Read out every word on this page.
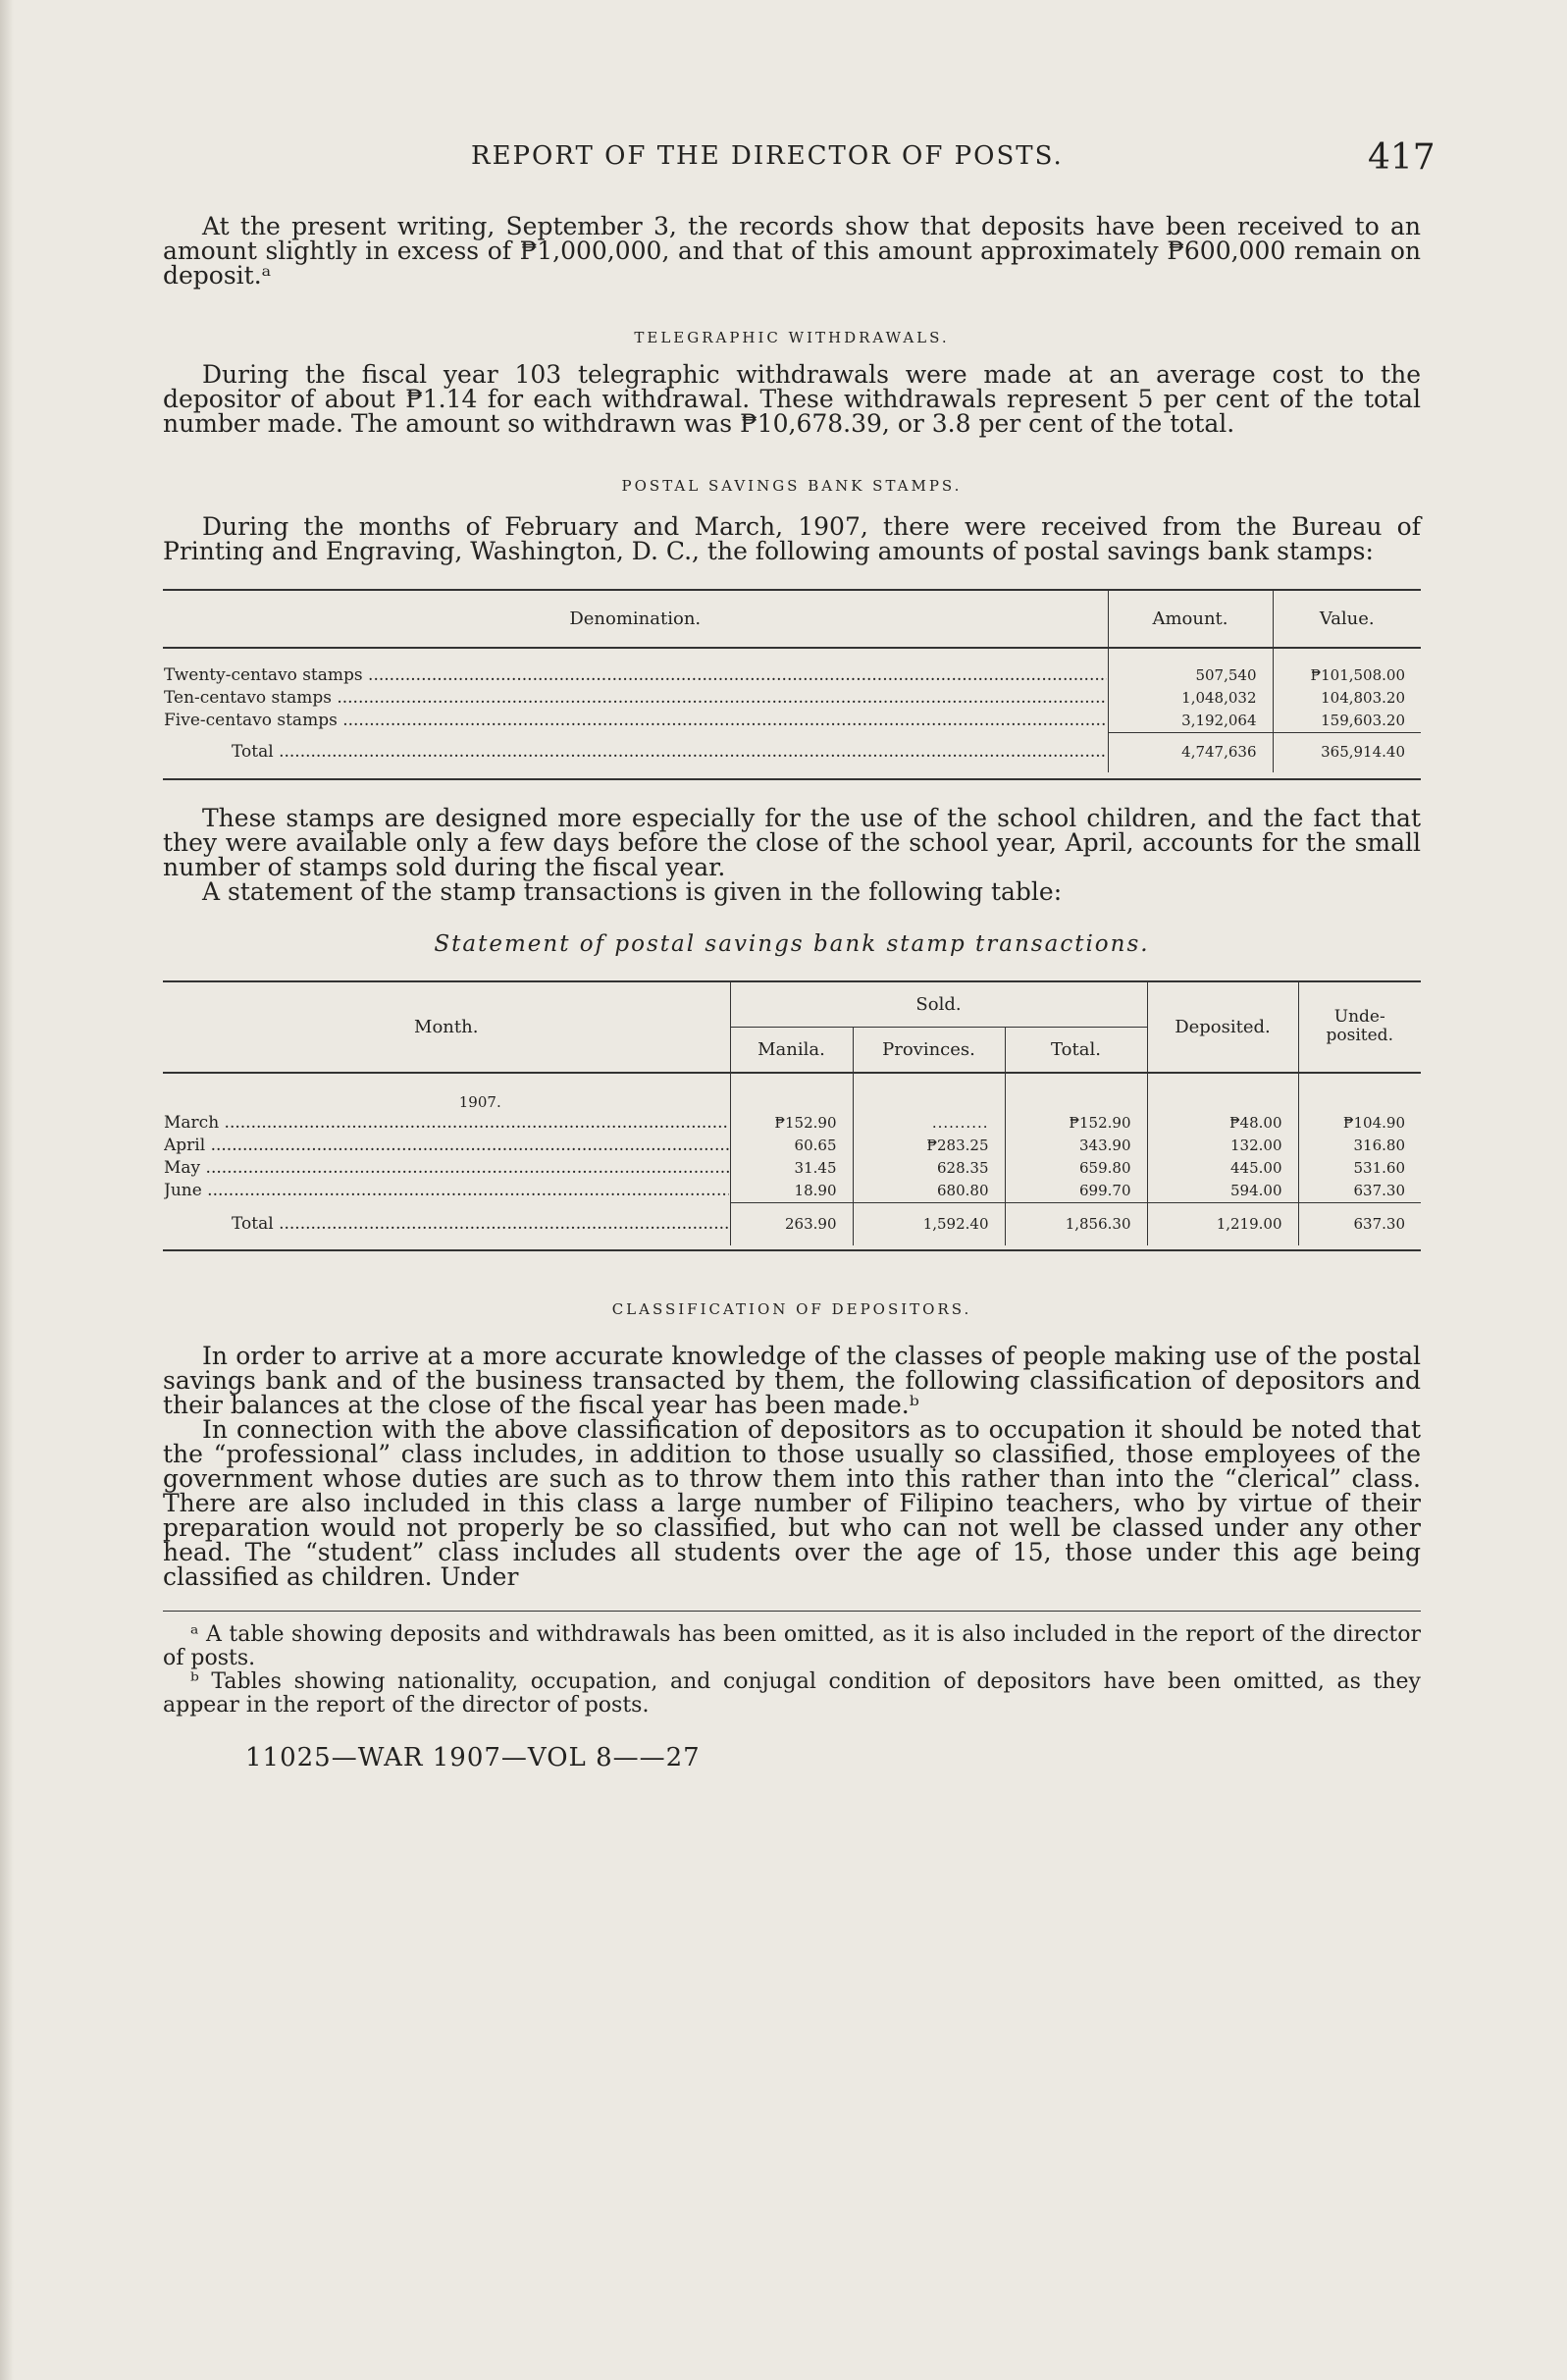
REPORT OF THE DIRECTOR OF POSTS.	417

At the present writing, September 3, the records show that deposits have been received to an amount slightly in excess of ₱1,000,000, and that of this amount approximately ₱600,000 remain on deposit.ᵃ

TELEGRAPHIC WITHDRAWALS.

During the fiscal year 103 telegraphic withdrawals were made at an average cost to the depositor of about ₱1.14 for each withdrawal. These withdrawals represent 5 per cent of the total number made. The amount so withdrawn was ₱10,678.39, or 3.8 per cent of the total.

POSTAL SAVINGS BANK STAMPS.

During the months of February and March, 1907, there were received from the Bureau of Printing and Engraving, Washington, D. C., the following amounts of postal savings bank stamps:

Denomination.	Amount.	Value.

Twenty-centavo stamps .....	507,540	₱101,508.00

Ten-centavo stamps .....	1,048,032	104,803.20

Five-centavo stamps .....	3,192,064	159,603.20

Total .....	4,747,636	365,914.40

These stamps are designed more especially for the use of the school children, and the fact that they were available only a few days before the close of the school year, April, accounts for the small number of stamps sold during the fiscal year.

A statement of the stamp transactions is given in the following table:

Statement of postal savings bank stamp transactions.
Month.	Sold.			Deposited.	Unde-posited.
	Manila.	Provinces.	Total.		
1907.					

March .....	₱152.90	..........	₱152.90	₱48.00	₱104.90

April .....	60.65	₱283.25	343.90	132.00	316.80

May .....	31.45	628.35	659.80	445.00	531.60

June .....	18.90	680.80	699.70	594.00	637.30

Total .....	263.90	1,592.40	1,856.30	1,219.00	637.30
CLASSIFICATION OF DEPOSITORS.

In order to arrive at a more accurate knowledge of the classes of people making use of the postal savings bank and of the business transacted by them, the following classification of depositors and their balances at the close of the fiscal year has been made.ᵇ

In connection with the above classification of depositors as to occupation it should be noted that the “professional” class includes, in addition to those usually so classified, those employees of the government whose duties are such as to throw them into this rather than into the “clerical” class. There are also included in this class a large number of Filipino teachers, who by virtue of their preparation would not properly be so classified, but who can not well be classed under any other head. The “student” class includes all students over the age of 15, those under this age being classified as children. Under

ᵃ A table showing deposits and withdrawals has been omitted, as it is also included in the report of the director of posts.

ᵇ Tables showing nationality, occupation, and conjugal condition of depositors have been omitted, as they appear in the report of the director of posts.

11025—WAR 1907—VOL 8——27
